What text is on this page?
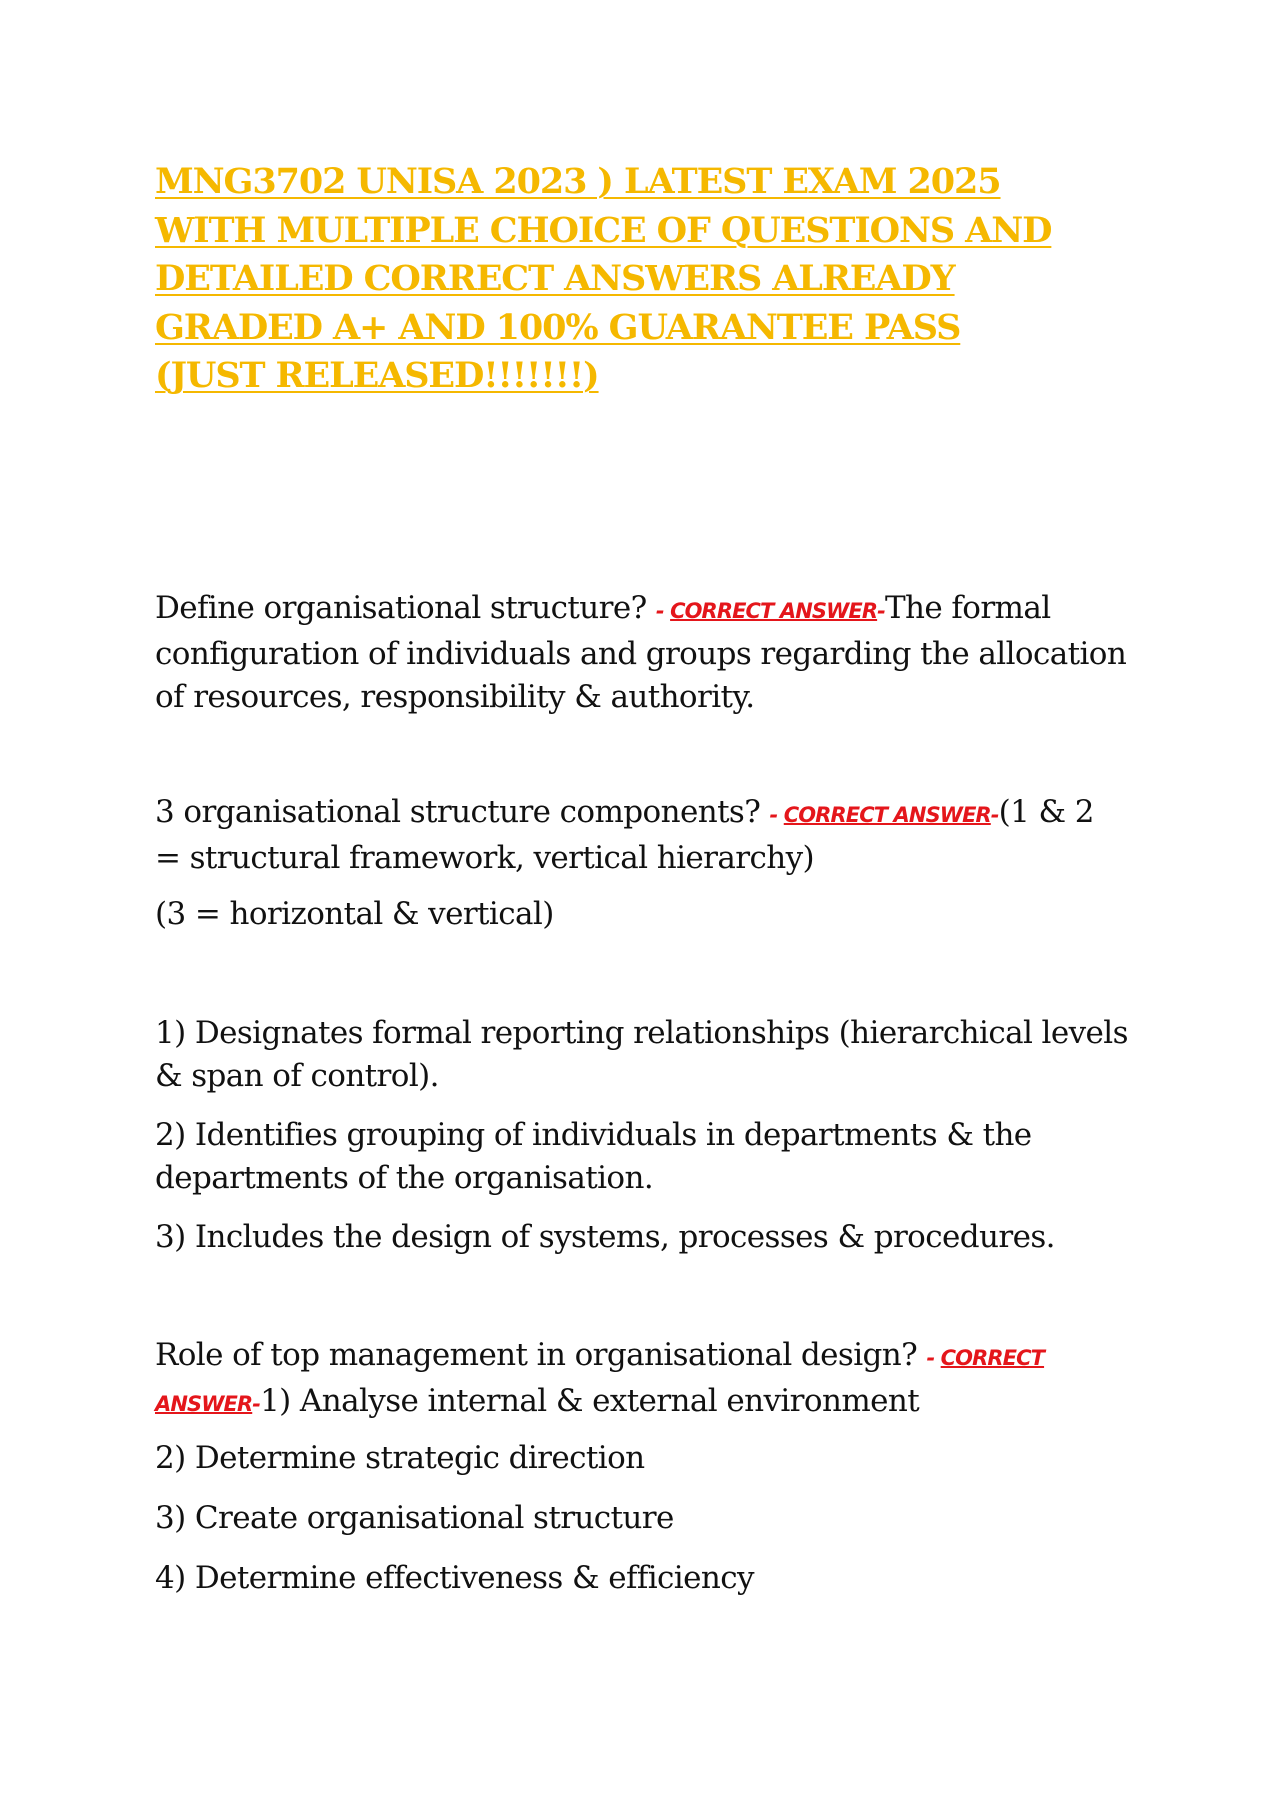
MNG3702 UNISA 2023 ) LATEST EXAM 2025
WITH MULTIPLE CHOICE OF QUESTIONS AND
DETAILED CORRECT ANSWERS ALREADY
GRADED A+ AND 100% GUARANTEE PASS
(JUST RELEASED!!!!!!!)
Define organisational structure? - CORRECT ANSWER-The formal
configuration of individuals and groups regarding the allocation
of resources, responsibility & authority.
3 organisational structure components? - CORRECT ANSWER-(1 & 2
= structural framework, vertical hierarchy)
(3 = horizontal & vertical)
1) Designates formal reporting relationships (hierarchical levels
& span of control).
2) Identifies grouping of individuals in departments & the
departments of the organisation.
3) Includes the design of systems, processes & procedures.
Role of top management in organisational design? - CORRECT
ANSWER-1) Analyse internal & external environment
2) Determine strategic direction
3) Create organisational structure
4) Determine effectiveness & efficiency
